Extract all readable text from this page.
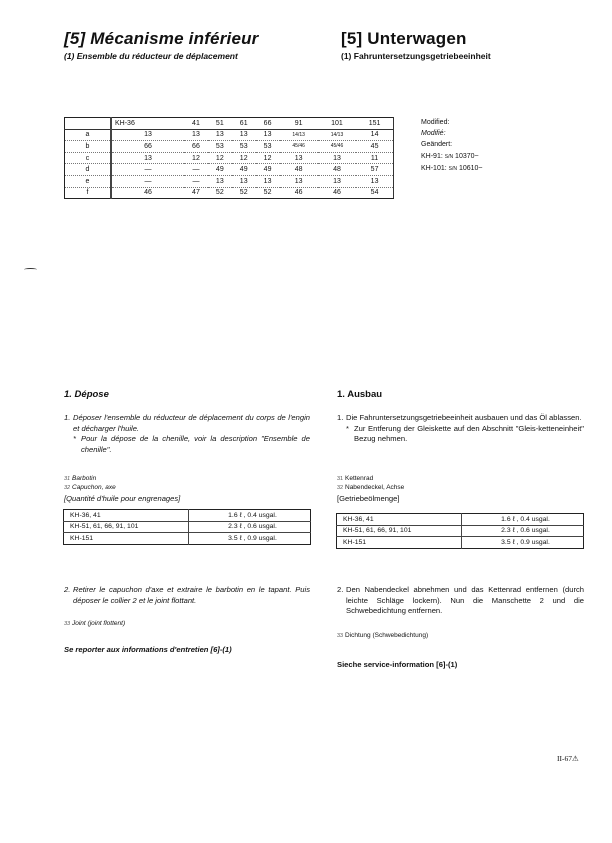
[5] Mécanisme inférieur
(1) Ensemble du réducteur de déplacement
[5] Unterwagen
(1) Fahruntersetzungsgetriebeeinheit
	KH-36	41	51	61	66	91	101	151
a	13	13	13	13	13	14/13	14/13	14
b	66	66	53	53	53	45/46	45/46	45
c	13	12	12	12	12	13	13	11
d	—	—	49	49	49	48	48	57
e	—	—	13	13	13	13	13	13
f	46	47	52	52	52	46	46	54
Modified:
Modifié:
Geändert:
KH-91: S/N 10370~
KH-101: S/N 10610~
1. Dépose
1. Déposer l'ensemble du réducteur de déplacement du corps de l'engin et décharger l'huile.
* Pour la dépose de la chenille, voir la description "Ensemble de chenille".
31 Barbotin
32 Capuchon, axe
[Quantité d'huile pour engrenages]
KH-36, 41	1.6 ℓ , 0.4 usgal.
KH-51, 61, 66, 91, 101	2.3 ℓ , 0.6 usgal.
KH-151	3.5 ℓ , 0.9 usgal.
2. Retirer le capuchon d'axe et extraire le barbotin en le tapant. Puis déposer le collier 2 et le joint flottant.
33 Joint (joint flottent)
Se reporter aux informations d'entretien [6]-(1)
1. Ausbau
1. Die Fahruntersetzungsgetriebeeinheit ausbauen und das Öl ablassen.
* Zur Entferung der Gleiskette auf den Abschnitt "Gleis-ketteneinheit" Bezug nehmen.
31 Kettenrad
32 Nabendeckel, Achse
[Getriebeölmenge]
KH-36, 41	1.6 ℓ , 0.4 usgal.
KH-51, 61, 66, 91, 101	2.3 ℓ , 0.6 usgal.
KH-151	3.5 ℓ , 0.9 usgal.
2. Den Nabendeckel abnehmen und das Kettenrad entfernen (durch leichte Schläge lockern). Nun die Manschette 2 und die Schwebedichtung entfernen.
33 Dichtung (Schwebedichtung)
Sieche service-information [6]-(1)
II-67⚠
